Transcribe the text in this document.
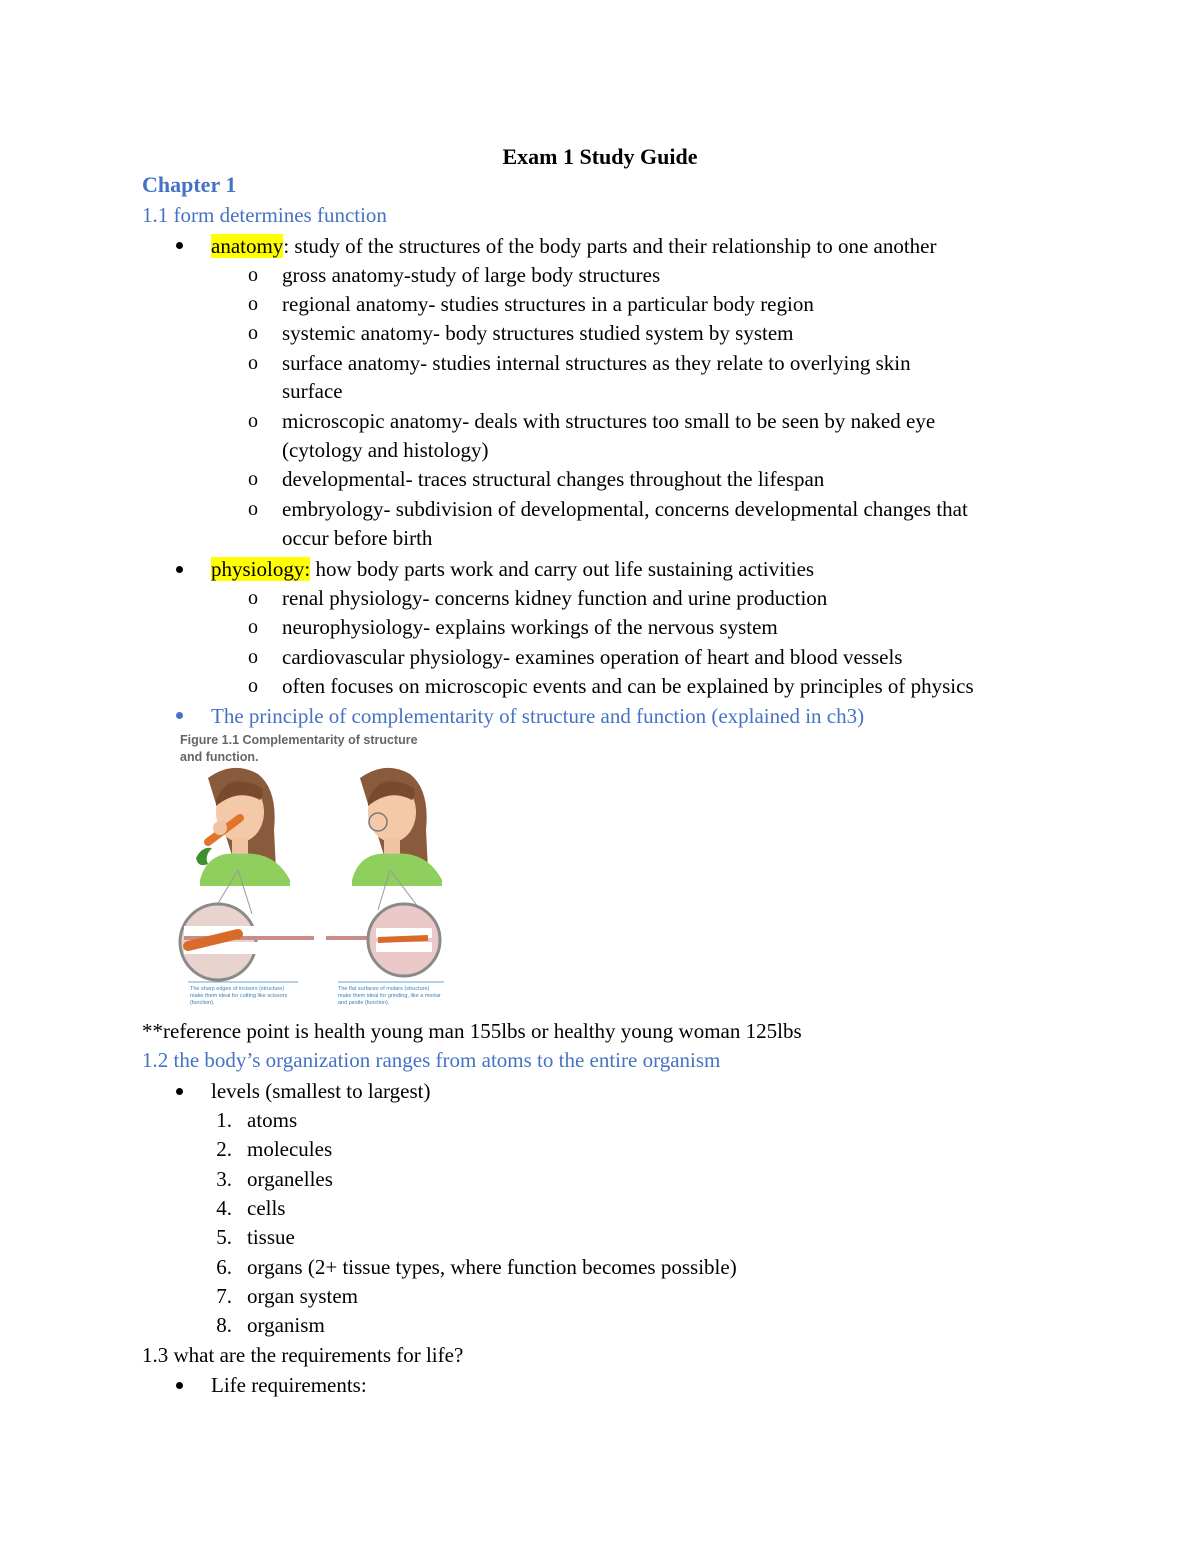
Exam 1 Study Guide
Chapter 1
1.1 form determines function
anatomy: study of the structures of the body parts and their relationship to one another
o gross anatomy-study of large body structures
o regional anatomy- studies structures in a particular body region
o systemic anatomy- body structures studied system by system
o surface anatomy- studies internal structures as they relate to overlying skin
surface
o microscopic anatomy- deals with structures too small to be seen by naked eye
(cytology and histology)
o developmental- traces structural changes throughout the lifespan
o embryology- subdivision of developmental, concerns developmental changes that
occur before birth
physiology: how body parts work and carry out life sustaining activities
o renal physiology- concerns kidney function and urine production
o neurophysiology- explains workings of the nervous system
o cardiovascular physiology- examines operation of heart and blood vessels
o often focuses on microscopic events and can be explained by principles of physics
The principle of complementarity of structure and function (explained in ch3)
Figure 1.1 Complementarity of structure and function.
The sharp edges of incisors (structure) make them ideal for cutting like scissors (function).
The flat surfaces of molars (structure) make them ideal for grinding, like a mortar and pestle (function).
**reference point is health young man 155lbs or healthy young woman 125lbs
1.2 the body’s organization ranges from atoms to the entire organism
levels (smallest to largest)
1. atoms
2. molecules
3. organelles
4. cells
5. tissue
6. organs (2+ tissue types, where function becomes possible)
7. organ system
8. organism
1.3 what are the requirements for life?
Life requirements:
